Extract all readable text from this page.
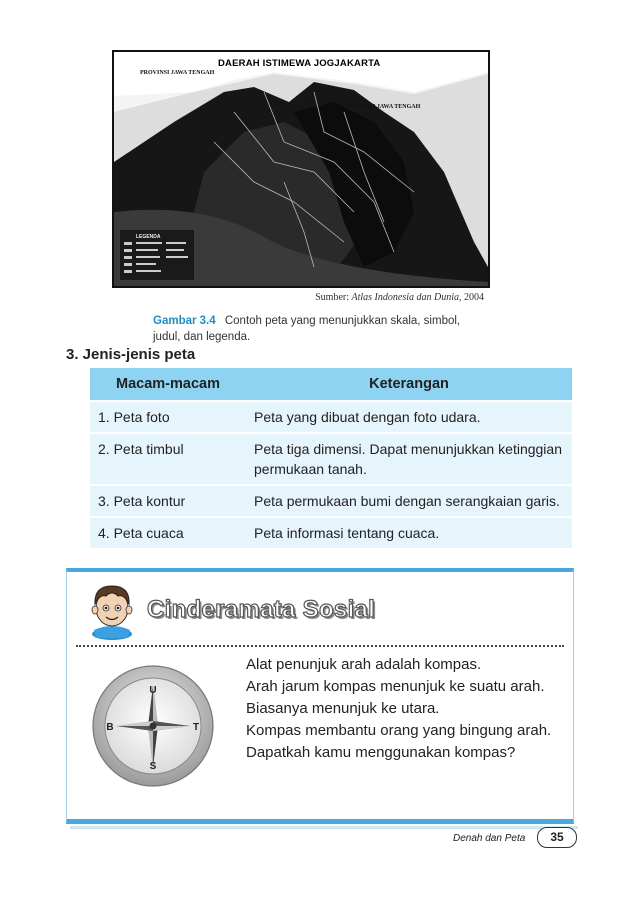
LEGENDA
PROVINSI JAWA TENGAH
PROVINSI JAWA TENGAH
DAERAH ISTIMEWA JOGJAKARTA
Sumber: Atlas Indonesia dan Dunia, 2004
Gambar 3.4 Contoh peta yang menunjukkan skala, simbol, judul, dan legenda.
3. Jenis-jenis peta
Macam-macam	Keterangan
1. Peta foto	Peta yang dibuat dengan foto udara.
2. Peta timbul	Peta tiga dimensi. Dapat menunjukkan ketinggian permukaan tanah.
3. Peta kontur	Peta permukaan bumi dengan serangkaian garis.
4. Peta cuaca	Peta informasi tentang cuaca.
Cinderamata Sosial
U
S
B	T

Alat penunjuk arah adalah kompas.

Arah jarum kompas menunjuk ke suatu arah.

Biasanya menunjuk ke utara.

Kompas membantu orang yang bingung arah.

Dapatkah kamu menggunakan kompas?

Denah dan Peta	35
